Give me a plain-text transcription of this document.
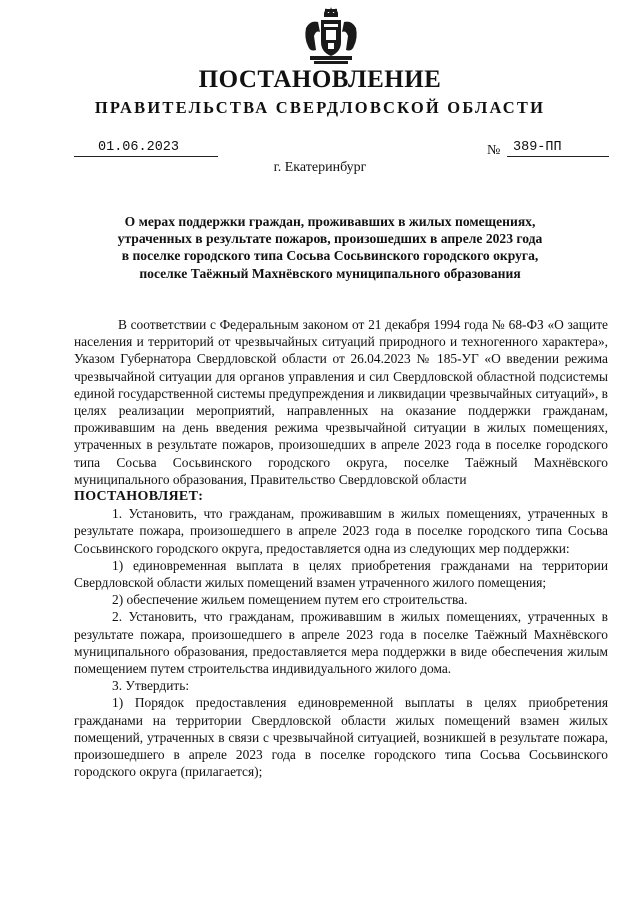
ПОСТАНОВЛЕНИЕ
ПРАВИТЕЛЬСТВА СВЕРДЛОВСКОЙ ОБЛАСТИ
01.06.2023	№ 389-ПП
г. Екатеринбург
О мерах поддержки граждан, проживавших в жилых помещениях,
утраченных в результате пожаров, произошедших в апреле 2023 года
в поселке городского типа Сосьва Сосьвинского городского округа,
поселке Таёжный Махнёвского муниципального образования

В соответствии с Федеральным законом от 21 декабря 1994 года № 68-ФЗ «О защите населения и территорий от чрезвычайных ситуаций природного и техногенного характера», Указом Губернатора Свердловской области от 26.04.2023 № 185-УГ «О введении режима чрезвычайной ситуации для органов управления и сил Свердловской областной подсистемы единой государственной системы предупреждения и ликвидации чрезвычайных ситуаций», в целях реализации мероприятий, направленных на оказание поддержки гражданам, проживавшим на день введения режима чрезвычайной ситуации в жилых помещениях, утраченных в результате пожаров, произошедших в апреле 2023 года в поселке городского типа Сосьва Сосьвинского городского округа, поселке Таёжный Махнёвского муниципального образования, Правительство Свердловской области

ПОСТАНОВЛЯЕТ:

1. Установить, что гражданам, проживавшим в жилых помещениях, утраченных в результате пожара, произошедшего в апреле 2023 года в поселке городского типа Сосьва Сосьвинского городского округа, предоставляется одна из следующих мер поддержки:

1) единовременная выплата в целях приобретения гражданами на территории Свердловской области жилых помещений взамен утраченного жилого помещения;

2) обеспечение жильем помещением путем его строительства.

2. Установить, что гражданам, проживавшим в жилых помещениях, утраченных в результате пожара, произошедшего в апреле 2023 года в поселке Таёжный Махнёвского муниципального образования, предоставляется мера поддержки в виде обеспечения жилым помещением путем строительства индивидуального жилого дома.

3. Утвердить:

1) Порядок предоставления единовременной выплаты в целях приобретения гражданами на территории Свердловской области жилых помещений взамен жилых помещений, утраченных в связи с чрезвычайной ситуацией, возникшей в результате пожара, произошедшего в апреле 2023 года в поселке городского типа Сосьва Сосьвинского городского округа (прилагается);
